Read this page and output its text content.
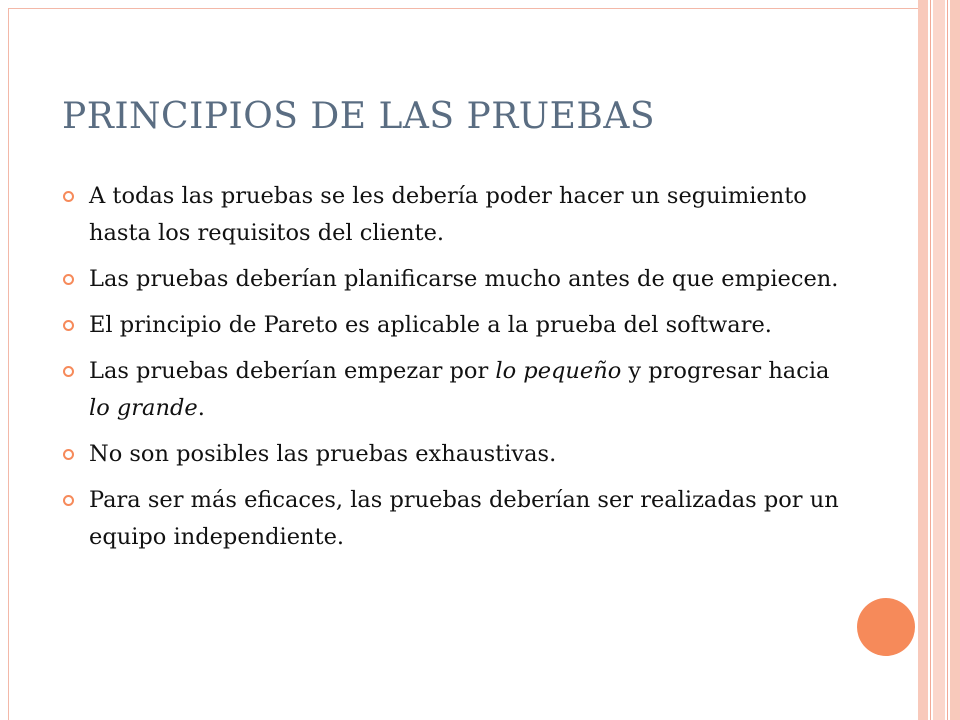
PRINCIPIOS DE LAS PRUEBAS
A todas las pruebas se les debería poder hacer un seguimiento hasta los requisitos del cliente.
Las pruebas deberían planificarse mucho antes de que empiecen.
El principio de Pareto es aplicable a la prueba del software.
Las pruebas deberían empezar por lo pequeño y progresar hacia lo grande.
No son posibles las pruebas exhaustivas.
Para ser más eficaces, las pruebas deberían ser realizadas por un equipo independiente.
